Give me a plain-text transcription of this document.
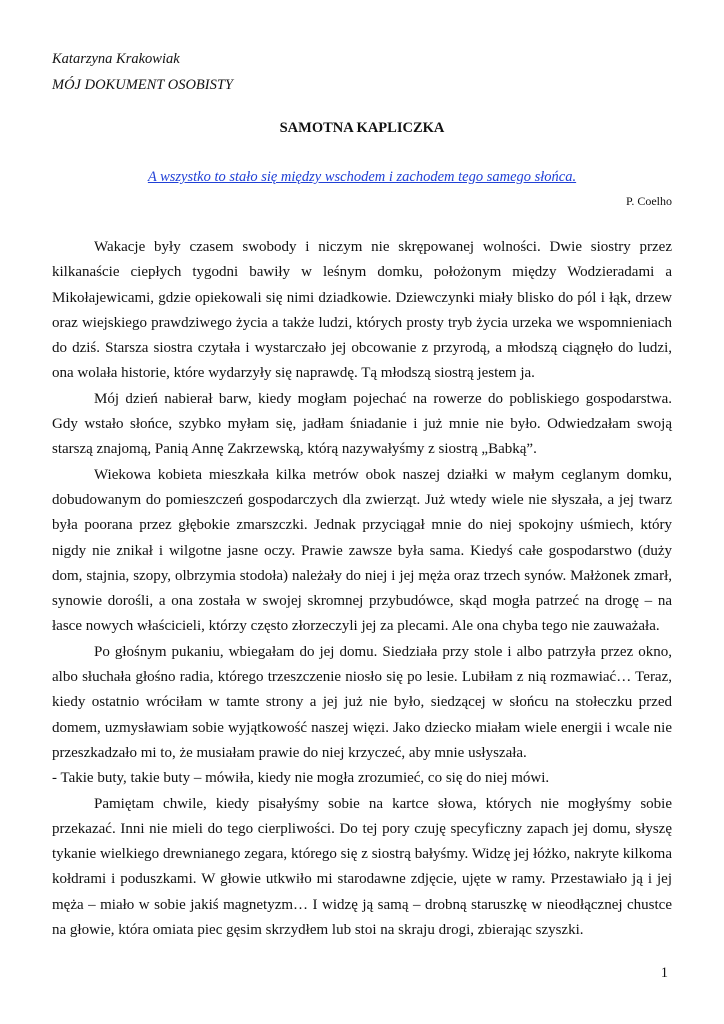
Katarzyna Krakowiak
MÓJ DOKUMENT OSOBISTY
SAMOTNA KAPLICZKA
A wszystko to stało się między wschodem i zachodem tego samego słońca.
P. Coelho

Wakacje były czasem swobody i niczym nie skrępowanej wolności. Dwie siostry przez kilkanaście ciepłych tygodni bawiły w leśnym domku, położonym między Wodzieradami a Mikołajewicami, gdzie opiekowali się nimi dziadkowie. Dziewczynki miały blisko do pól i łąk, drzew oraz wiejskiego prawdziwego życia a także ludzi, których prosty tryb życia urzeka we wspomnieniach do dziś. Starsza siostra czytała i wystarczało jej obcowanie z przyrodą, a młodszą ciągnęło do ludzi, ona wolała historie, które wydarzyły się naprawdę. Tą młodszą siostrą jestem ja.

Mój dzień nabierał barw, kiedy mogłam pojechać na rowerze do pobliskiego gospodarstwa. Gdy wstało słońce, szybko myłam się, jadłam śniadanie i już mnie nie było. Odwiedzałam swoją starszą znajomą, Panią Annę Zakrzewską, którą nazywałyśmy z siostrą „Babką”.

Wiekowa kobieta mieszkała kilka metrów obok naszej działki w małym ceglanym domku, dobudowanym do pomieszczeń gospodarczych dla zwierząt. Już wtedy wiele nie słyszała, a jej twarz była poorana przez głębokie zmarszczki. Jednak przyciągał mnie do niej spokojny uśmiech, który nigdy nie znikał i wilgotne jasne oczy. Prawie zawsze była sama. Kiedyś całe gospodarstwo (duży dom, stajnia, szopy, olbrzymia stodoła) należały do niej i jej męża oraz trzech synów. Małżonek zmarł, synowie dorośli, a ona została w swojej skromnej przybudówce, skąd mogła patrzeć na drogę – na łasce nowych właścicieli, którzy często złorzeczyli jej za plecami. Ale ona chyba tego nie zauważała.

Po głośnym pukaniu, wbiegałam do jej domu. Siedziała przy stole i albo patrzyła przez okno, albo słuchała głośno radia, którego trzeszczenie niosło się po lesie. Lubiłam z nią rozmawiać… Teraz, kiedy ostatnio wróciłam w tamte strony a jej już nie było, siedzącej w słońcu na stołeczku przed domem, uzmysławiam sobie wyjątkowość naszej więzi. Jako dziecko miałam wiele energii i wcale nie przeszkadzało mi to, że musiałam prawie do niej krzyczeć, aby mnie usłyszała.

- Takie buty, takie buty – mówiła, kiedy nie mogła zrozumieć, co się do niej mówi.

Pamiętam chwile, kiedy pisałyśmy sobie na kartce słowa, których nie mogłyśmy sobie przekazać. Inni nie mieli do tego cierpliwości. Do tej pory czuję specyficzny zapach jej domu, słyszę tykanie wielkiego drewnianego zegara, którego się z siostrą bałyśmy. Widzę jej łóżko, nakryte kilkoma kołdrami i poduszkami. W głowie utkwiło mi starodawne zdjęcie, ujęte w ramy. Przestawiało ją i jej męża – miało w sobie jakiś magnetyzm… I widzę ją samą – drobną staruszkę w nieodłącznej chustce na głowie, która omiata piec gęsim skrzydłem lub stoi na skraju drogi, zbierając szyszki.

1
